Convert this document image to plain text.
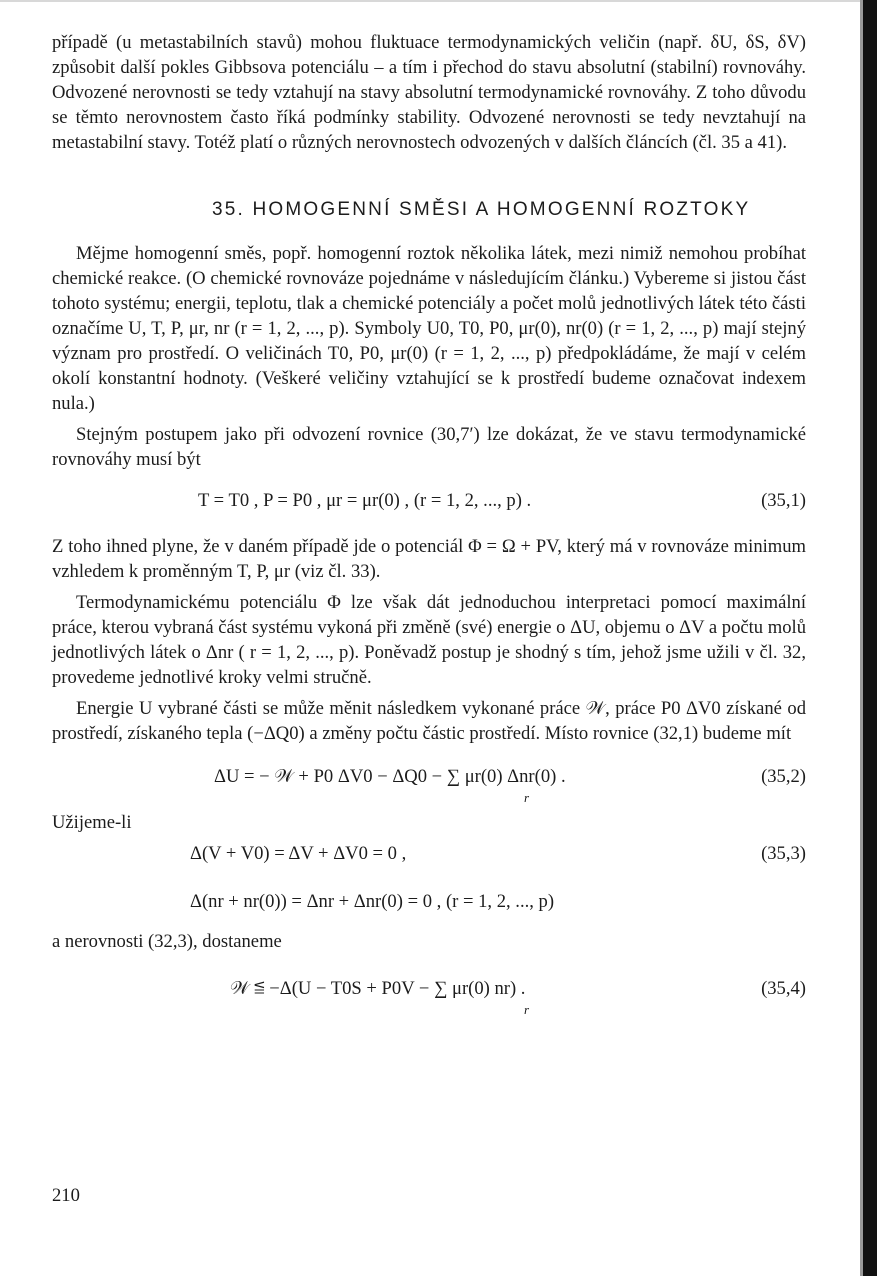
případě (u metastabilních stavů) mohou fluktuace termodynamických veličin (např. δU, δS, δV) způsobit další pokles Gibbsova potenciálu – a tím i přechod do stavu absolutní (stabilní) rovnováhy. Odvozené nerovnosti se tedy vztahují na stavy absolutní termodynamické rovnováhy. Z toho důvodu se těmto nerovnostem často říká podmínky stability. Odvozené nerovnosti se tedy nevztahují na metastabilní stavy. Totéž platí o různých nerovnostech odvozených v dalších článcích (čl. 35 a 41).

35. HOMOGENNÍ SMĚSI A HOMOGENNÍ ROZTOKY

Mějme homogenní směs, popř. homogenní roztok několika látek, mezi nimiž nemohou probíhat chemické reakce. (O chemické rovnováze pojednáme v následujícím článku.) Vybereme si jistou část tohoto systému; energii, teplotu, tlak a chemické potenciály a počet molů jednotlivých látek této části označíme U, T, P, μr, nr (r = 1, 2, ..., p). Symboly U0, T0, P0, μr(0), nr(0) (r = 1, 2, ..., p) mají stejný význam pro prostředí. O veličinách T0, P0, μr(0) (r = 1, 2, ..., p) předpokládáme, že mají v celém okolí konstantní hodnoty. (Veškeré veličiny vztahující se k prostředí budeme označovat indexem nula.)

Stejným postupem jako při odvození rovnice (30,7′) lze dokázat, že ve stavu termodynamické rovnováhy musí být

T = T0 , P = P0 , μr = μr(0) , (r = 1, 2, ..., p) .	(35,1)

Z toho ihned plyne, že v daném případě jde o potenciál Φ = Ω + PV, který má v rovnováze minimum vzhledem k proměnným T, P, μr (viz čl. 33).

Termodynamickému potenciálu Φ lze však dát jednoduchou interpretaci pomocí maximální práce, kterou vybraná část systému vykoná při změně (své) energie o ΔU, objemu o ΔV a počtu molů jednotlivých látek o Δnr ( r = 1, 2, ..., p). Poněvadž postup je shodný s tím, jehož jsme užili v čl. 32, provedeme jednotlivé kroky velmi stručně.

Energie U vybrané části se může měnit následkem vykonané práce 𝒲, práce P0 ΔV0 získané od prostředí, získaného tepla (−ΔQ0) a změny počtu částic prostředí. Místo rovnice (32,1) budeme mít

ΔU = − 𝒲 + P0 ΔV0 − ΔQ0 − ∑ μr(0) Δnr(0) .
r
(35,2)

Užijeme-li

Δ(V + V0) = ΔV + ΔV0 = 0 ,	(35,3)
Δ(nr + nr(0)) = Δnr + Δnr(0) = 0 , (r = 1, 2, ..., p)

a nerovnosti (32,3), dostaneme

𝒲 ≦ −Δ(U − T0S + P0V − ∑ μr(0) nr) .
r
(35,4)
210
